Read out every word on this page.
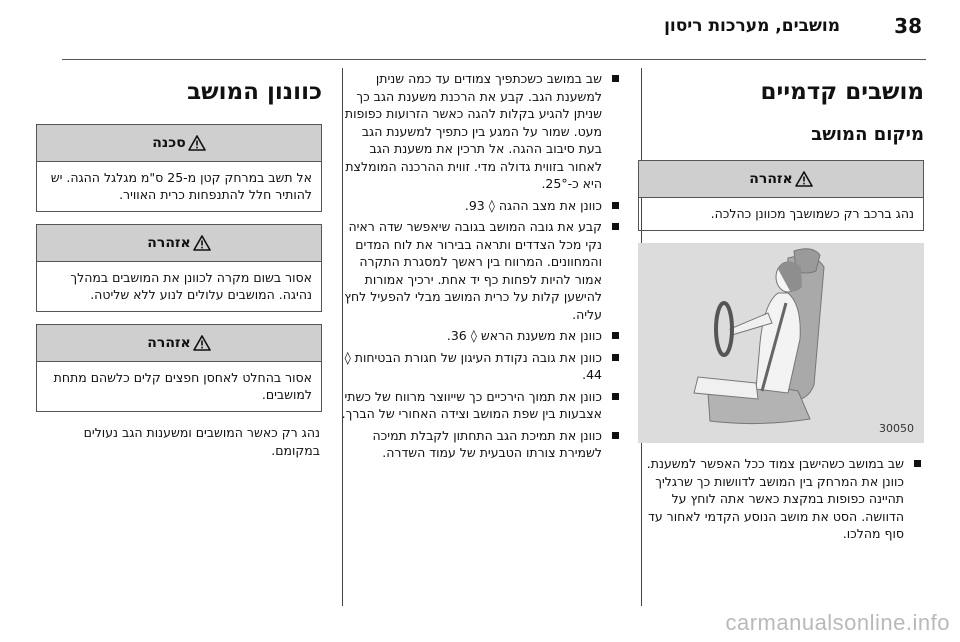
38
מושבים, מערכות ריסון
מושבים קדמיים
מיקום המושב
אזהרה
נהג ברכב רק כשמושבך מכוונן כהלכה.
30050
שב במושב כשהישבן צמוד ככל האפשר למשענת. כוונן את המרחק בין המושב לדוושות כך שרגליך תהיינה כפופות במקצת כאשר אתה לוחץ על הדוושה. הסט את מושב הנוסע הקדמי לאחור עד סוף מהלכו.
שב במושב כשכתפיך צמודים עד כמה שניתן למשענת הגב. קבע את הרכנת משענת הגב כך שניתן להגיע בקלות להגה כאשר הזרועות כפופות מעט. שמור על המגע בין כתפיך למשענת הגב בעת סיבוב ההגה. אל תרכין את משענת הגב לאחור בזווית גדולה מדי. זווית ההרכנה המומלצת היא כ-25°.
כוונן את מצב ההגה ◊ 93.
קבע את גובה המושב בגובה שיאפשר שדה ראיה נקי מכל הצדדים ותראה בבירור את לוח המדים והמחוונים. המרווח בין ראשך למסגרת התקרה אמור להיות לפחות כף יד אחת. ירכיך אמורות להישען קלות על כרית המושב מבלי להפעיל לחץ עליה.
כוונן את משענת הראש ◊ 36.
כוונן את גובה נקודת העיגון של חגורת הבטיחות ◊ 44.
כוונן את תמוך הירכיים כך שייווצר מרווח של כשתי אצבעות בין שפת המושב וצידה האחורי של הברך.
כוונן את תמיכת הגב התחתון לקבלת תמיכה לשמירת צורתו הטבעית של עמוד השדרה.
כוונון המושב
סכנה
אל תשב במרחק קטן מ-25 ס"מ מגלגל ההגה. יש להותיר חלל להתנפחות כרית האוויר.
אזהרה
אסור בשום מקרה לכוונן את המושבים במהלך נהיגה. המושבים עלולים לנוע ללא שליטה.
אזהרה
אסור בהחלט לאחסן חפצים קלים כלשהם מתחת למושבים.
נהג רק כאשר המושבים ומשענות הגב נעולים במקומם.
carmanualsonline.info
